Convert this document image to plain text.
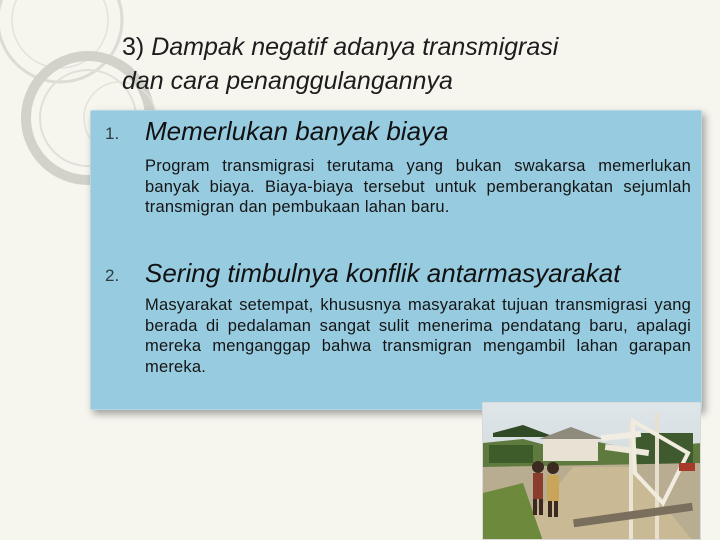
3) Dampak negatif adanya transmigrasi
dan cara penanggulangannya
1. Memerlukan banyak biaya

Program transmigrasi terutama yang bukan swakarsa memerlukan banyak biaya. Biaya-biaya tersebut untuk pemberangkatan sejumlah transmigran dan pembukaan lahan baru.

2. Sering timbulnya konflik antarmasyarakat

Masyarakat setempat, khususnya masyarakat tujuan transmigrasi yang berada di pedalaman sangat sulit menerima pendatang baru, apalagi mereka menganggap bahwa transmigran mengambil lahan garapan mereka.
